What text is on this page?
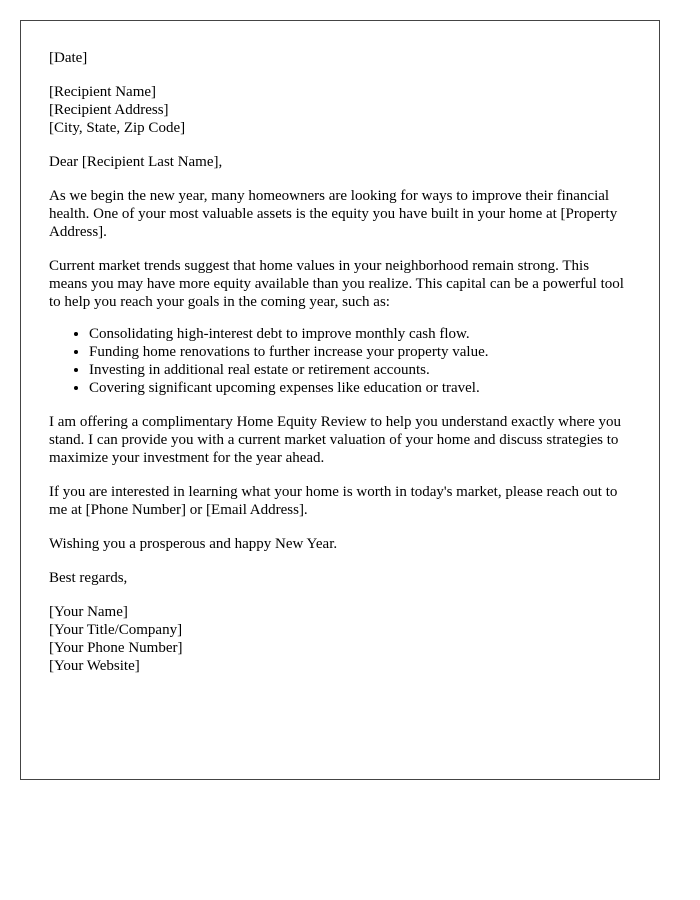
[Date]
[Recipient Name]
[Recipient Address]
[City, State, Zip Code]
Dear [Recipient Last Name],

As we begin the new year, many homeowners are looking for ways to improve their financial health. One of your most valuable assets is the equity you have built in your home at [Property Address].

Current market trends suggest that home values in your neighborhood remain strong. This means you may have more equity available than you realize. This capital can be a powerful tool to help you reach your goals in the coming year, such as:

• Consolidating high-interest debt to improve monthly cash flow.
• Funding home renovations to further increase your property value.
• Investing in additional real estate or retirement accounts.
• Covering significant upcoming expenses like education or travel.

I am offering a complimentary Home Equity Review to help you understand exactly where you stand. I can provide you with a current market valuation of your home and discuss strategies to maximize your investment for the year ahead.

If you are interested in learning what your home is worth in today's market, please reach out to me at [Phone Number] or [Email Address].

Wishing you a prosperous and happy New Year.

Best regards,
[Your Name]
[Your Title/Company]
[Your Phone Number]
[Your Website]
